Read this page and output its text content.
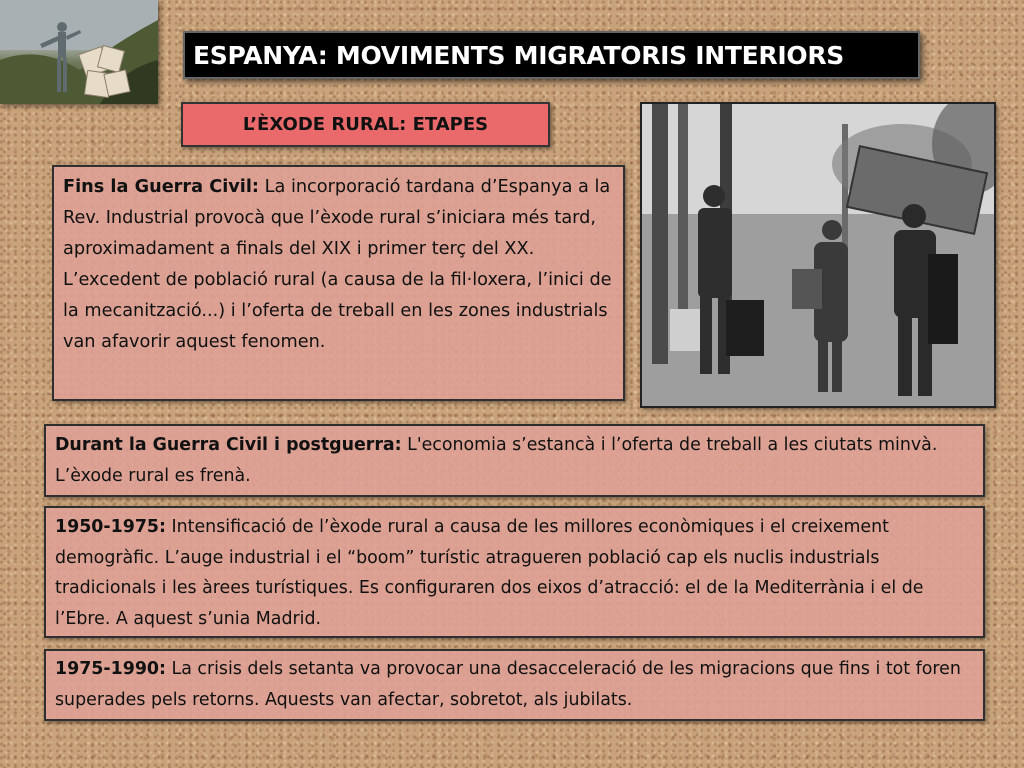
ESPANYA: MOVIMENTS MIGRATORIS INTERIORS
L’ÈXODE RURAL: ETAPES
Fins la Guerra Civil: La incorporació tardana d’Espanya a la Rev. Industrial provocà que l’èxode rural s’iniciara més tard, aproximadament a finals del XIX i primer terç del XX. L’excedent de població rural (a causa de la fil·loxera, l’inici de la mecanització...) i l’oferta de treball en les zones industrials van afavorir aquest fenomen.
Durant la Guerra Civil i postguerra: L'economia s’estancà i l’oferta de treball a les ciutats minvà. L’èxode rural es frenà.
1950-1975: Intensificació de l’èxode rural a causa de les millores econòmiques i el creixement demogràfic. L’auge industrial i el “boom” turístic atragueren població cap els nuclis industrials tradicionals i les àrees turístiques. Es configuraren dos eixos d’atracció: el de la Mediterrània i el de l’Ebre. A aquest s’unia Madrid.
1975-1990: La crisis dels setanta va provocar una desacceleració de les migracions que fins i tot foren superades pels retorns. Aquests van afectar, sobretot, als jubilats.
